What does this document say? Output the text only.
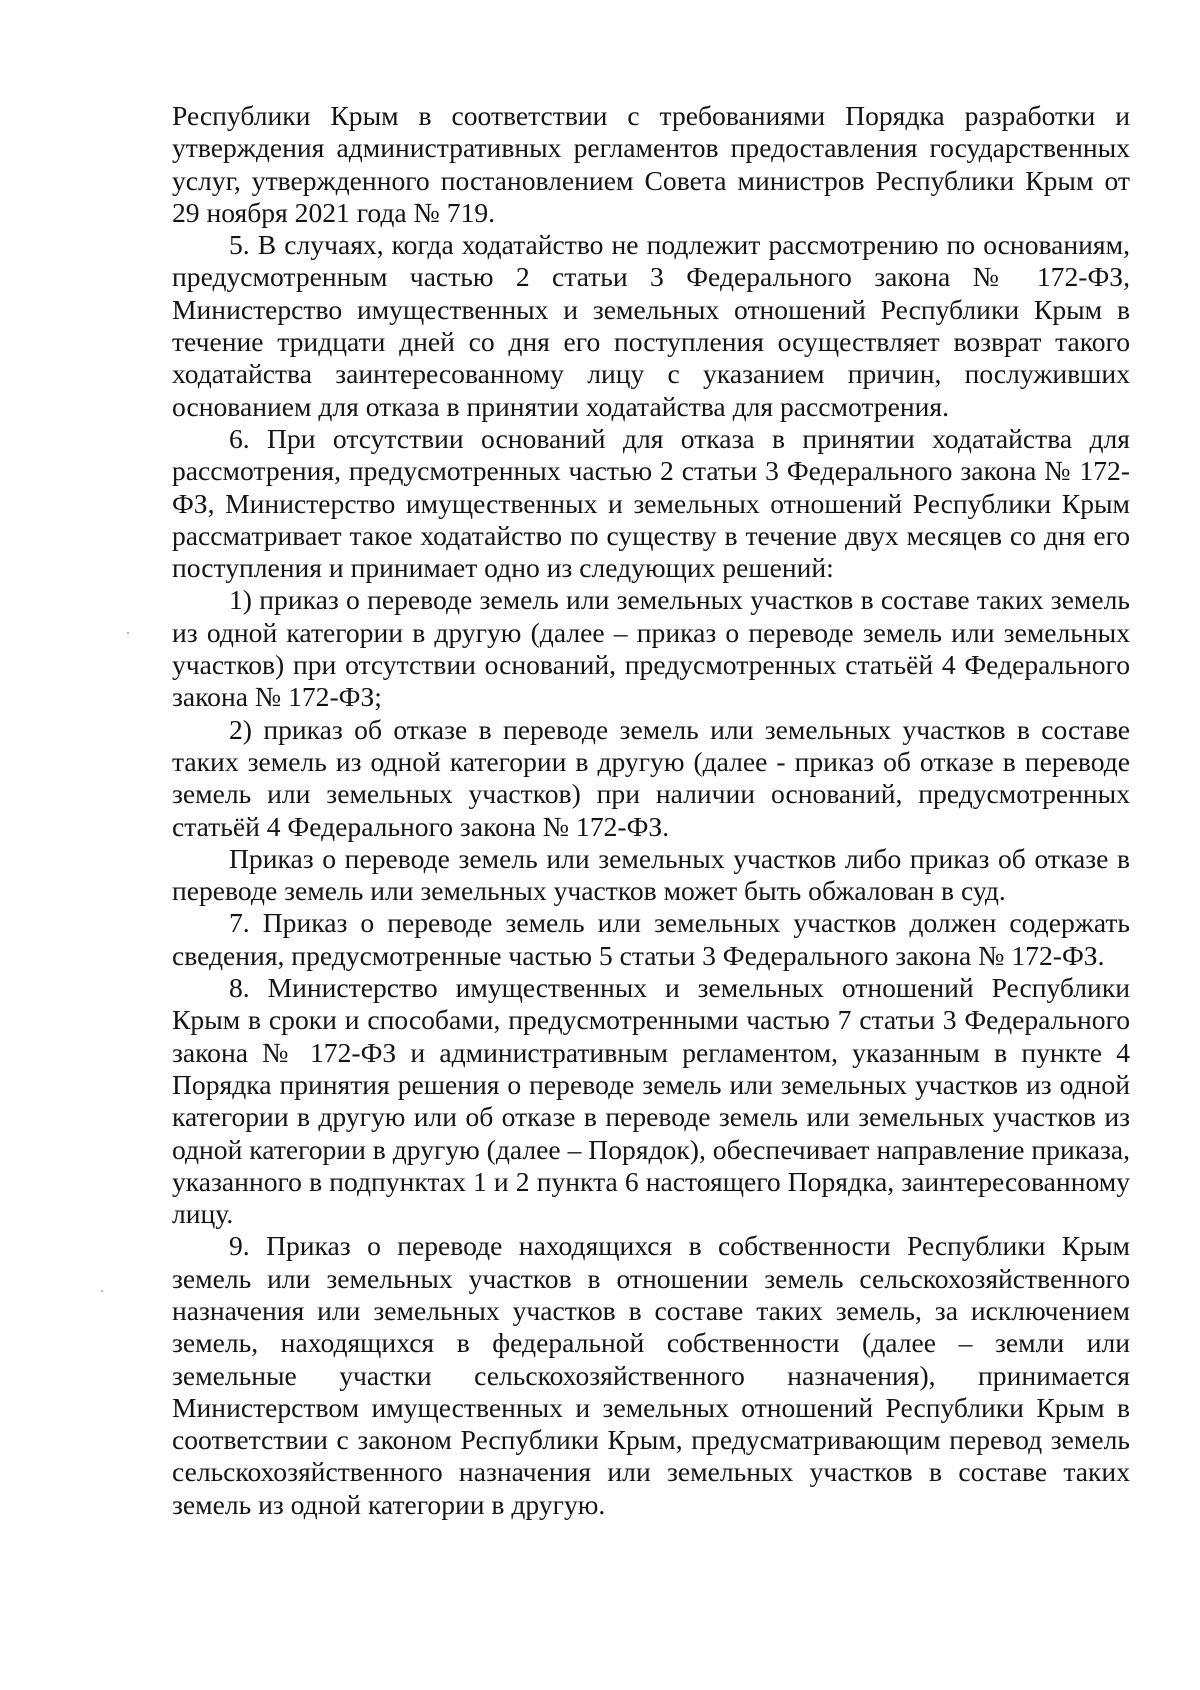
Республики Крым в соответствии с требованиями Порядка разработки и утверждения административных регламентов предоставления государственных услуг, утвержденного постановлением Совета министров Республики Крым от 29 ноября 2021 года № 719.

5. В случаях, когда ходатайство не подлежит рассмотрению по основаниям, предусмотренным частью 2 статьи 3 Федерального закона № 172-ФЗ, Министерство имущественных и земельных отношений Республики Крым в течение тридцати дней со дня его поступления осуществляет возврат такого ходатайства заинтересованному лицу с указанием причин, послуживших основанием для отказа в принятии ходатайства для рассмотрения.

6. При отсутствии оснований для отказа в принятии ходатайства для рассмотрения, предусмотренных частью 2 статьи 3 Федерального закона № 172-ФЗ, Министерство имущественных и земельных отношений Республики Крым рассматривает такое ходатайство по существу в течение двух месяцев со дня его поступления и принимает одно из следующих решений:

1) приказ о переводе земель или земельных участков в составе таких земель из одной категории в другую (далее – приказ о переводе земель или земельных участков) при отсутствии оснований, предусмотренных статьёй 4 Федерального закона № 172-ФЗ;

2) приказ об отказе в переводе земель или земельных участков в составе таких земель из одной категории в другую (далее - приказ об отказе в переводе земель или земельных участков) при наличии оснований, предусмотренных статьёй 4 Федерального закона № 172-ФЗ.

Приказ о переводе земель или земельных участков либо приказ об отказе в переводе земель или земельных участков может быть обжалован в суд.

7. Приказ о переводе земель или земельных участков должен содержать сведения, предусмотренные частью 5 статьи 3 Федерального закона № 172-ФЗ.

8. Министерство имущественных и земельных отношений Республики Крым в сроки и способами, предусмотренными частью 7 статьи 3 Федерального закона № 172-ФЗ и административным регламентом, указанным в пункте 4 Порядка принятия решения о переводе земель или земельных участков из одной категории в другую или об отказе в переводе земель или земельных участков из одной категории в другую (далее – Порядок), обеспечивает направление приказа, указанного в подпунктах 1 и 2 пункта 6 настоящего Порядка, заинтересованному лицу.

9. Приказ о переводе находящихся в собственности Республики Крым земель или земельных участков в отношении земель сельскохозяйственного назначения или земельных участков в составе таких земель, за исключением земель, находящихся в федеральной собственности (далее – земли или земельные участки сельскохозяйственного назначения), принимается Министерством имущественных и земельных отношений Республики Крым в соответствии с законом Республики Крым, предусматривающим перевод земель сельскохозяйственного назначения или земельных участков в составе таких земель из одной категории в другую.
